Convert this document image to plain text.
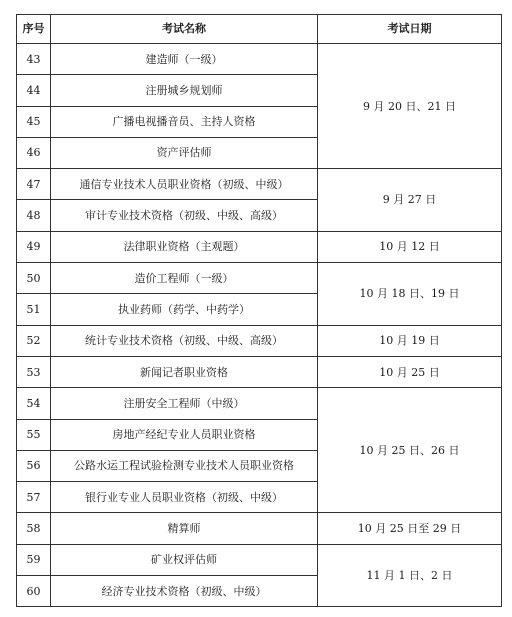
序号	考试名称	考试日期
43	建造师（一级）	9 月 20 日、21 日
44	注册城乡规划师	
45	广播电视播音员、主持人资格	
46	资产评估师	
47	通信专业技术人员职业资格（初级、中级）	9 月 27 日
48	审计专业技术资格（初级、中级、高级）	
49	法律职业资格（主观题）	10 月 12 日
50	造价工程师（一级）	10 月 18 日、19 日
51	执业药师（药学、中药学）	
52	统计专业技术资格（初级、中级、高级）	10 月 19 日
53	新闻记者职业资格	10 月 25 日
54	注册安全工程师（中级）	10 月 25 日、26 日
55	房地产经纪专业人员职业资格	
56	公路水运工程试验检测专业技术人员职业资格	
57	银行业专业人员职业资格（初级、中级）	
58	精算师	10 月 25 日至 29 日
59	矿业权评估师	11 月 1 日、2 日
60	经济专业技术资格（初级、中级）	
